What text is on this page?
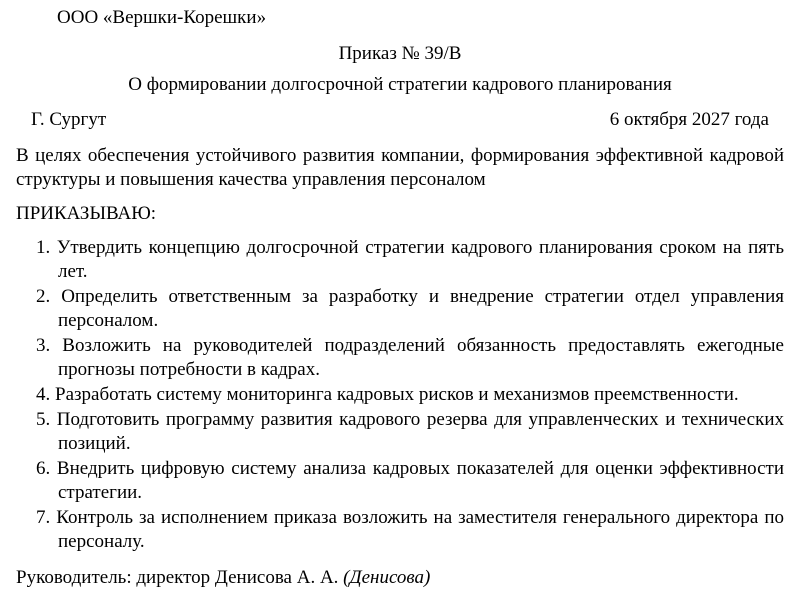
ООО «Вершки-Корешки»
Приказ № 39/В
О формировании долгосрочной стратегии кадрового планирования
Г. Сургут	6 октября 2027 года
В целях обеспечения устойчивого развития компании, формирования эффективной кадровой структуры и повышения качества управления персоналом
ПРИКАЗЫВАЮ:
1. Утвердить концепцию долгосрочной стратегии кадрового планирования сроком на пять лет.
2. Определить ответственным за разработку и внедрение стратегии отдел управления персоналом.
3. Возложить на руководителей подразделений обязанность предоставлять ежегодные прогнозы потребности в кадрах.
4. Разработать систему мониторинга кадровых рисков и механизмов преемственности.
5. Подготовить программу развития кадрового резерва для управленческих и технических позиций.
6. Внедрить цифровую систему анализа кадровых показателей для оценки эффективности стратегии.
7. Контроль за исполнением приказа возложить на заместителя генерального директора по персоналу.
Руководитель: директор Денисова А. А. (Денисова)
